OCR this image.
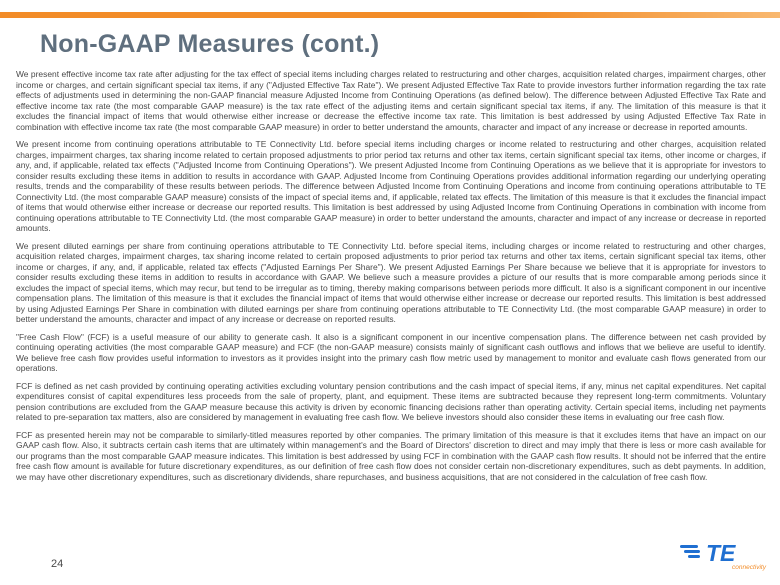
Non-GAAP Measures (cont.)

We present effective income tax rate after adjusting for the tax effect of special items including charges related to restructuring and other charges, acquisition related charges, impairment charges, other income or charges, and certain significant special tax items, if any ("Adjusted Effective Tax Rate"). We present Adjusted Effective Tax Rate to provide investors further information regarding the tax rate effects of adjustments used in determining the non-GAAP financial measure Adjusted Income from Continuing Operations (as defined below). The difference between Adjusted Effective Tax Rate and effective income tax rate (the most comparable GAAP measure) is the tax rate effect of the adjusting items and certain significant special tax items, if any. The limitation of this measure is that it excludes the financial impact of items that would otherwise either increase or decrease the effective income tax rate. This limitation is best addressed by using Adjusted Effective Tax Rate in combination with effective income tax rate (the most comparable GAAP measure) in order to better understand the amounts, character and impact of any increase or decrease in reported amounts.

We present income from continuing operations attributable to TE Connectivity Ltd. before special items including charges or income related to restructuring and other charges, acquisition related charges, impairment charges, tax sharing income related to certain proposed adjustments to prior period tax returns and other tax items, certain significant special tax items, other income or charges, if any, and, if applicable, related tax effects ("Adjusted Income from Continuing Operations"). We present Adjusted Income from Continuing Operations as we believe that it is appropriate for investors to consider results excluding these items in addition to results in accordance with GAAP. Adjusted Income from Continuing Operations provides additional information regarding our underlying operating results, trends and the comparability of these results between periods. The difference between Adjusted Income from Continuing Operations and income from continuing operations attributable to TE Connectivity Ltd. (the most comparable GAAP measure) consists of the impact of special items and, if applicable, related tax effects. The limitation of this measure is that it excludes the financial impact of items that would otherwise either increase or decrease our reported results. This limitation is best addressed by using Adjusted Income from Continuing Operations in combination with income from continuing operations attributable to TE Connectivity Ltd. (the most comparable GAAP measure) in order to better understand the amounts, character and impact of any increase or decrease in reported amounts.

We present diluted earnings per share from continuing operations attributable to TE Connectivity Ltd. before special items, including charges or income related to restructuring and other charges, acquisition related charges, impairment charges, tax sharing income related to certain proposed adjustments to prior period tax returns and other tax items, certain significant special tax items, other income or charges, if any, and, if applicable, related tax effects ("Adjusted Earnings Per Share"). We present Adjusted Earnings Per Share because we believe that it is appropriate for investors to consider results excluding these items in addition to results in accordance with GAAP. We believe such a measure provides a picture of our results that is more comparable among periods since it excludes the impact of special items, which may recur, but tend to be irregular as to timing, thereby making comparisons between periods more difficult. It also is a significant component in our incentive compensation plans. The limitation of this measure is that it excludes the financial impact of items that would otherwise either increase or decrease our reported results. This limitation is best addressed by using Adjusted Earnings Per Share in combination with diluted earnings per share from continuing operations attributable to TE Connectivity Ltd. (the most comparable GAAP measure) in order to better understand the amounts, character and impact of any increase or decrease on reported results.

"Free Cash Flow" (FCF) is a useful measure of our ability to generate cash. It also is a significant component in our incentive compensation plans. The difference between net cash provided by continuing operating activities (the most comparable GAAP measure) and FCF (the non-GAAP measure) consists mainly of significant cash outflows and inflows that we believe are useful to identify. We believe free cash flow provides useful information to investors as it provides insight into the primary cash flow metric used by management to monitor and evaluate cash flows generated from our operations.

FCF is defined as net cash provided by continuing operating activities excluding voluntary pension contributions and the cash impact of special items, if any, minus net capital expenditures. Net capital expenditures consist of capital expenditures less proceeds from the sale of property, plant, and equipment. These items are subtracted because they represent long-term commitments. Voluntary pension contributions are excluded from the GAAP measure because this activity is driven by economic financing decisions rather than operating activity. Certain special items, including net payments related to pre-separation tax matters, also are considered by management in evaluating free cash flow. We believe investors should also consider these items in evaluating our free cash flow.

FCF as presented herein may not be comparable to similarly-titled measures reported by other companies. The primary limitation of this measure is that it excludes items that have an impact on our GAAP cash flow. Also, it subtracts certain cash items that are ultimately within management's and the Board of Directors' discretion to direct and may imply that there is less or more cash available for our programs than the most comparable GAAP measure indicates. This limitation is best addressed by using FCF in combination with the GAAP cash flow results. It should not be inferred that the entire free cash flow amount is available for future discretionary expenditures, as our definition of free cash flow does not consider certain non-discretionary expenditures, such as debt payments. In addition, we may have other discretionary expenditures, such as discretionary dividends, share repurchases, and business acquisitions, that are not considered in the calculation of free cash flow.

24	TE
connectivity
